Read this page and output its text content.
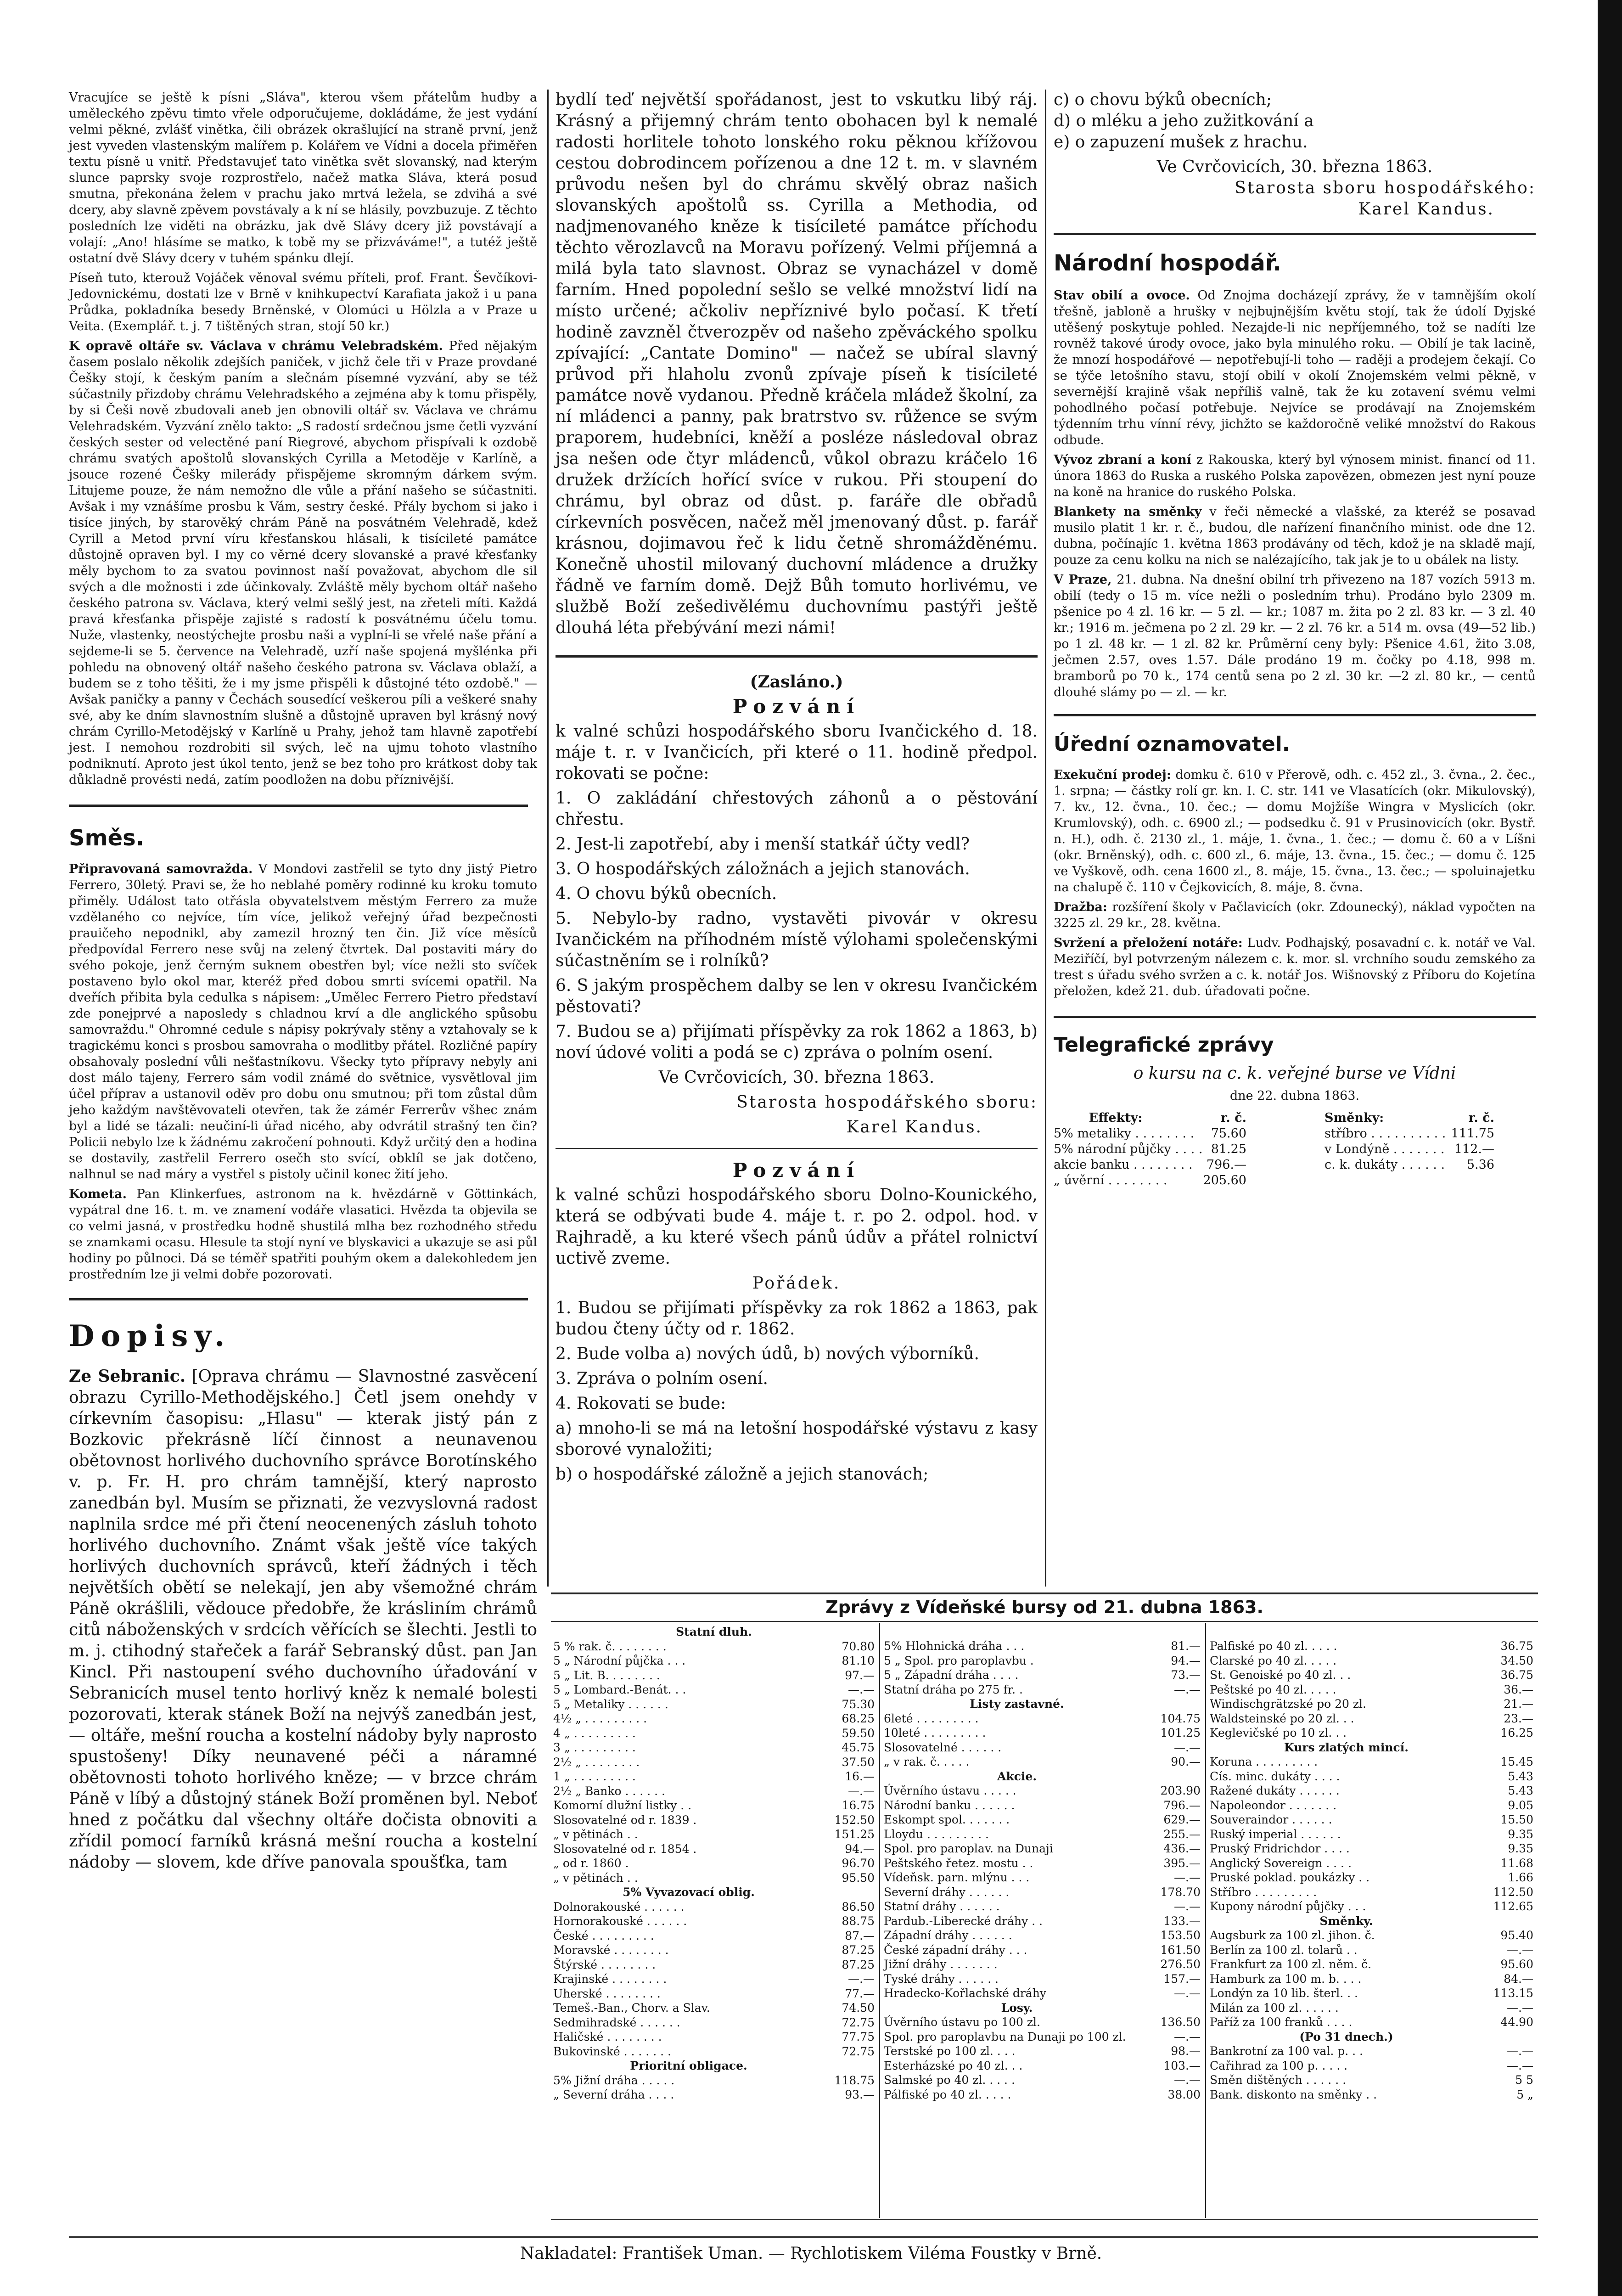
Vracujíce se ještě k písni „Sláva", kterou všem přátelům hudby a uměleckého zpěvu timto vřele odporučujeme, dokládáme, že jest vydání velmi pěkné, zvlášť vinětka, čili obrázek okrašlující na straně první, jenž jest vyveden vlastenským malířem p. Kolářem ve Vídni a docela přiměřen textu písně u vnitř. Představujeť tato vinětka svět slovanský, nad kterým slunce paprsky svoje rozprostřelo, načež matka Sláva, která posud smutna, překonána želem v prachu jako mrtvá ležela, se zdvihá a své dcery, aby slavně zpěvem povstávaly a k ní se hlásily, povzbuzuje. Z těchto posledních lze viděti na obrázku, jak dvě Slávy dcery již povstávají a volají: „Ano! hlásíme se matko, k tobě my se přizváváme!", a tutéž ještě ostatní dvě Slávy dcery v tuhém spánku dlejí.

Píseň tuto, kterouž Vojáček věnoval svému příteli, prof. Frant. Ševčíkovi-Jedovnickému, dostati lze v Brně v knihkupectví Karafiata jakož i u pana Průdka, pokladníka besedy Brněnské, v Olomúci u Hölzla a v Praze u Veita. (Exemplář. t. j. 7 tištěných stran, stojí 50 kr.)

K opravě oltáře sv. Václava v chrámu Velebradském. Před nějakým časem poslalo několik zdejších paniček, v jichž čele tři v Praze provdané Češky stojí, k českým paním a slečnám písemné vyzvání, aby se též súčastnily přizdoby chrámu Velehradského a zejména aby k tomu přispěly, by si Češi nově zbudovali aneb jen obnovili oltář sv. Václava ve chrámu Velehradském. Vyzvání znělo takto: „S radostí srdečnou jsme četli vyzvání českých sester od velectěné paní Riegrové, abychom přispívali k ozdobě chrámu svatých apoštolů slovanských Cyrilla a Metoděje v Karlíně, a jsouce rozené Češky milerády přispějeme skromným dárkem svým. Litujeme pouze, že nám nemožno dle vůle a přání našeho se súčastniti. Avšak i my vznášíme prosbu k Vám, sestry české. Přály bychom si jako i tisíce jiných, by starověký chrám Páně na posvátném Velehradě, kdež Cyrill a Metod první víru křesťanskou hlásali, k tisícileté památce důstojně opraven byl. I my co věrné dcery slovanské a pravé křesťanky měly bychom to za svatou povinnost naší považovat, abychom dle sil svých a dle možnosti i zde účinkovaly. Zvláště měly bychom oltář našeho českého patrona sv. Václava, který velmi sešlý jest, na zřeteli míti. Každá pravá křesťanka přispěje zajisté s radostí k posvátnému účelu tomu. Nuže, vlastenky, neostýchejte prosbu naši a vyplní-li se vřelé naše přání a sejdeme-li se 5. července na Velehradě, uzří naše spojená myšlénka při pohledu na obnovený oltář našeho českého patrona sv. Václava oblaží, a budem se z toho těšiti, že i my jsme přispěli k důstojné této ozdobě." — Avšak paničky a panny v Čechách sousedící veškerou píli a veškeré snahy své, aby ke dním slavnostním slušně a důstojně upraven byl krásný nový chrám Cyrillo-Metodějský v Karlíně u Prahy, jehož tam hlavně zapotřebí jest. I nemohou rozdrobiti sil svých, leč na ujmu tohoto vlastního podniknutí. Aproto jest úkol tento, jenž se bez toho pro krátkost doby tak důkladně provésti nedá, zatím poodložen na dobu příznivější.

Směs.

Připravovaná samovražda. V Mondovi zastřelil se tyto dny jistý Pietro Ferrero, 30letý. Pravi se, že ho neblahé poměry rodinné ku kroku tomuto přiměly. Událost tato otřásla obyvatelstvem městým Ferrero za muže vzdělaného co nejvíce, tím více, jelikož veřejný úřad bezpečnosti prauičeho nepodnikl, aby zamezil hrozný ten čin. Již více měsíců předpovídal Ferrero nese svůj na zelený čtvrtek. Dal postaviti máry do svého pokoje, jenž černým suknem obestřen byl; více nežli sto svíček postaveno bylo okol mar, kteréž před dobou smrti svícemi opatřil. Na dveřích přibita byla cedulka s nápisem: „Umělec Ferrero Pietro představí zde ponejprvé a naposledy s chladnou krví a dle anglického spůsobu samovraždu." Ohromné cedule s nápisy pokrývaly stěny a vztahovaly se k tragickému konci s prosbou samovraha o modlitby přátel. Rozličné papíry obsahovaly poslední vůli nešťastníkovu. Všecky tyto přípravy nebyly ani dost málo tajeny, Ferrero sám vodil známé do světnice, vysvětloval jim účel příprav a ustanovil oděv pro dobu onu smutnou; při tom zůstal dům jeho každým navštěvovateli otevřen, tak že zámér Ferrerův všhec znám byl a lidé se tázali: neučiní-li úřad nicého, aby odvrátil strašný ten čin? Policii nebylo lze k žádnému zakročení pohnouti. Když určitý den a hodina se dostavily, zastřelil Ferrero osečh sto svící, obklíl se jak dotčeno, nalhnul se nad máry a vystřel s pistoly učinil konec žití jeho.

Kometa. Pan Klinkerfues, astronom na k. hvězdárně v Göttinkách, vypátral dne 16. t. m. ve znamení vodáře vlasatici. Hvězda ta objevila se co velmi jasná, v prostředku hodně shustilá mlha bez rozhodného středu se znamkami ocasu. Hlesule ta stojí nyní ve blyskavici a ukazuje se asi půl hodiny po půlnoci. Dá se téměř spatřiti pouhým okem a dalekohledem jen prostředním lze ji velmi dobře pozorovati.

Dopisy.

Ze Sebranic. [Oprava chrámu — Slavnostné zasvěcení obrazu Cyrillo-Methodějského.] Četl jsem onehdy v církevním časopisu: „Hlasu" — kterak jistý pán z Bozkovic překrásně líčí činnost a neunavenou obětovnost horlivého duchovního správce Borotínského v. p. Fr. H. pro chrám tamnější, který naprosto zanedbán byl. Musím se přiznati, že vezvyslovná radost naplnila srdce mé při čtení neocenených zásluh tohoto horlivého duchovního. Známt však ještě více takých horlivých duchovních správců, kteří žádných i těch největších obětí se nelekají, jen aby všemožné chrám Páně okrášlili, vědouce předobře, že krásliním chrámů citů náboženských v srdcích věřících se šlechti. Jestli to m. j. ctihodný stařeček a farář Sebranský důst. pan Jan Kincl. Při nastoupení svého duchovního úřadování v Sebranicích musel tento horlivý kněz k nemalé bolesti pozorovati, kterak stánek Boží na nejvýš zanedbán jest, — oltáře, mešní roucha a kostelní nádoby byly naprosto spustošeny! Díky neunavené péči a náramné obětovnosti tohoto horlivého kněze; — v brzce chrám Páně v líbý a důstojný stánek Boží proměnen byl. Neboť hned z počátku dal všechny oltáře dočista obnoviti a zřídil pomocí farníků krásná mešní roucha a kostelní nádoby — slovem, kde dříve panovala spoušťka, tam

bydlí teď největší spořádanost, jest to vskutku libý ráj. Krásný a přijemný chrám tento obohacen byl k nemalé radosti horlitele tohoto lonského roku pěknou křížovou cestou dobrodincem pořízenou a dne 12 t. m. v slavném průvodu nešen byl do chrámu skvělý obraz našich slovanských apoštolů ss. Cyrilla a Methodia, od nadjmenovaného kněze k tisícileté památce příchodu těchto věrozlavců na Moravu pořízený. Velmi příjemná a milá byla tato slavnost. Obraz se vynacházel v domě farním. Hned popolední sešlo se velké množství lidí na místo určené; ačkoliv nepříznivé bylo počasí. K třetí hodině zavzněl čtverozpěv od našeho zpěváckého spolku zpívající: „Cantate Domino" — načež se ubíral slavný průvod při hlaholu zvonů zpívaje píseň k tisícileté památce nově vydanou. Předně kráčela mládež školní, za ní mládenci a panny, pak bratrstvo sv. růžence se svým praporem, hudebníci, kněží a posléze následoval obraz jsa nešen ode čtyr mládenců, vůkol obrazu kráčelo 16 družek držících hořící svíce v rukou. Při stoupení do chrámu, byl obraz od důst. p. faráře dle obřadů církevních posvěcen, načež měl jmenovaný důst. p. farář krásnou, dojimavou řeč k lidu četně shromážděnému. Konečně uhostil milovaný duchovní mládence a družky řádně ve farním domě. Dejž Bůh tomuto horlivému, ve službě Boží zešedivělému duchovnímu pastýři ještě dlouhá léta přebývání mezi námi!

(Zasláno.)

Pozvání

k valné schůzi hospodářského sboru Ivančického d. 18. máje t. r. v Ivančicích, při které o 11. hodině předpol. rokovati se počne:

1. O zakládání chřestových záhonů a o pěstování chřestu.

2. Jest-li zapotřebí, aby i menší statkář účty vedl?

3. O hospodářských záložnách a jejich stanovách.

4. O chovu býků obecních.

5. Nebylo-by radno, vystavěti pivovár v okresu Ivančickém na příhodném místě výlohami společenskými súčastněním se i rolníků?

6. S jakým prospěchem dalby se len v okresu Ivančickém pěstovati?

7. Budou se a) přijímati příspěvky za rok 1862 a 1863, b) noví údové voliti a podá se c) zpráva o polním osení.

Ve Cvrčovicích, 30. března 1863.

Starosta hospodářského sboru:

Karel Kandus.

Pozvání

k valné schůzi hospodářského sboru Dolno-Kounického, která se odbývati bude 4. máje t. r. po 2. odpol. hod. v Rajhradě, a ku které všech pánů údův a přátel rolnictví uctivě zveme.

Pořádek.

1. Budou se přijímati příspěvky za rok 1862 a 1863, pak budou čteny účty od r. 1862.

2. Bude volba a) nových údů, b) nových výborníků.

3. Zpráva o polním osení.

4. Rokovati se bude:

a) mnoho-li se má na letošní hospodářské výstavu z kasy sborové vynaložiti;

b) o hospodářské záložně a jejich stanovách;

c) o chovu býků obecních;

d) o mléku a jeho zužitkování a

e) o zapuzení mušek z hrachu.

Ve Cvrčovicích, 30. března 1863.

Starosta sboru hospodářského:

Karel Kandus.

Národní hospodář.

Stav obilí a ovoce. Od Znojma docházejí zprávy, že v tamnějším okolí třešně, jabloně a hrušky v nejbujnějším květu stojí, tak že údolí Dyjské utěšený poskytuje pohled. Nezajde-li nic nepříjemného, tož se nadíti lze rovněž takové úrody ovoce, jako byla minulého roku. — Obilí je tak lacině, že mnozí hospodářové — nepotřebují-li toho — raději a prodejem čekají. Co se týče letošního stavu, stojí obilí v okolí Znojemském velmi pěkně, v severnější krajině však nepříliš valně, tak že ku zotavení svému velmi pohodlného počasí potřebuje. Nejvíce se prodávají na Znojemském týdenním trhu vínní révy, jichžto se každoročně veliké množství do Rakous odbude.

Vývoz zbraní a koní z Rakouska, který byl výnosem minist. financí od 11. února 1863 do Ruska a ruského Polska zapovězen, obmezen jest nyní pouze na koně na hranice do ruského Polska.

Blankety na směnky v řeči německé a vlašské, za kteréž se posavad musilo platit 1 kr. r. č., budou, dle nařízení finančního minist. ode dne 12. dubna, počínajíc 1. května 1863 prodávány od těch, kdož je na skladě mají, pouze za cenu kolku na nich se nalézajícího, tak jak je to u obálek na listy.

V Praze, 21. dubna. Na dnešní obilní trh přivezeno na 187 vozích 5913 m. obilí (tedy o 15 m. více nežli o posledním trhu). Prodáno bylo 2309 m. pšenice po 4 zl. 16 kr. — 5 zl. — kr.; 1087 m. žita po 2 zl. 83 kr. — 3 zl. 40 kr.; 1916 m. ječmena po 2 zl. 29 kr. — 2 zl. 76 kr. a 514 m. ovsa (49—52 lib.) po 1 zl. 48 kr. — 1 zl. 82 kr. Průměrní ceny byly: Pšenice 4.61, žito 3.08, ječmen 2.57, oves 1.57. Dále prodáno 19 m. čočky po 4.18, 998 m. bramborů po 70 k., 174 centů sena po 2 zl. 30 kr. —2 zl. 80 kr., — centů dlouhé slámy po — zl. — kr.

Úřední oznamovatel.

Exekuční prodej: domku č. 610 v Přerově, odh. c. 452 zl., 3. čvna., 2. čec., 1. srpna; — částky rolí gr. kn. I. C. str. 141 ve Vlasatících (okr. Mikulovský), 7. kv., 12. čvna., 10. čec.; — domu Mojžíše Wingra v Myslicích (okr. Krumlovský), odh. c. 6900 zl.; — podsedku č. 91 v Prusinovicích (okr. Bystř. n. H.), odh. č. 2130 zl., 1. máje, 1. čvna., 1. čec.; — domu č. 60 a v Líšni (okr. Brněnský), odh. c. 600 zl., 6. máje, 13. čvna., 15. čec.; — domu č. 125 ve Vyškově, odh. cena 1600 zl., 8. máje, 15. čvna., 13. čec.; — spoluinajetku na chalupě č. 110 v Čejkovicích, 8. máje, 8. čvna.

Dražba: rozšíření školy v Pačlavicích (okr. Zdounecký), náklad vypočten na 3225 zl. 29 kr., 28. května.

Svržení a přeložení notáře: Ludv. Podhajský, posavadní c. k. notář ve Val. Meziříčí, byl potvrzeným nálezem c. k. mor. sl. vrchního soudu zemského za trest s úřadu svého svržen a c. k. notář Jos. Wišnovský z Příboru do Kojetína přeložen, kdež 21. dub. úřadovati počne.

Telegrafické zprávy

o kursu na c. k. veřejné burse ve Vídni

dne 22. dubna 1863.

Effekty:	r. č.
5% metaliky . . . . . . . .	75.60
5% národní půjčky . . . . 81.25
akcie banku . . . . . . . .	796.—
„ úvěrní . . . . . . . .	205.60
Směnky:	r. č.
stříbro . . . . . . . . . . 111.75
v Londýně . . . . . . . 112.—
c. k. dukáty . . . . . .	5.36
Zprávy z Vídeňské bursy od 21. dubna 1863.
Statní dluh.
5 % rak. č. . . . . . . .	70.80
5 „ Národní půjčka . . .	81.10
5 „ Lit. B. . . . . . . .	97.—
5 „ Lombard.-Benát. . .	—.—
5 „ Metaliky . . . . . .	75.30
4½ „ . . . . . . . . .	68.25
4 „ . . . . . . . . .	59.50
3 „ . . . . . . . . .	45.75
2½ „ . . . . . . . .	37.50
1 „ . . . . . . . . .	16.—
2½ „ Banko . . . . . .	—.—
Komorní dlužní listky . .	16.75
Slosovatelné od r. 1839 .	152.50
„ v pětinách . .	151.25
Slosovatelné od r. 1854 .	94.—
„ od r. 1860 .	96.70
„ v pětinách . .	95.50
5% Vyvazovací oblig.
Dolnorakouské . . . . . .	86.50
Hornorakouské . . . . . .	88.75
České . . . . . . . . .	87.—
Moravské . . . . . . . .	87.25
Štýrské . . . . . . . .	87.25
Krajinské . . . . . . . .	—.—
Uherské . . . . . . . .	77.—
Temeš.-Ban., Chorv. a Slav.	74.50
Sedmihradské . . . . . .	72.75
Haličské . . . . . . . .	77.75
Bukovinské . . . . . . .	72.75
Prioritní obligace.
5% Jižní dráha . . . . .	118.75
„ Severní dráha . . . .	93.—
5% Hlohnická dráha . . .	81.—
5 „ Spol. pro paroplavbu .	94.—
5 „ Západní dráha . . . .	73.—
Statní dráha po 275 fr. .	—.—
Listy zastavné.
6leté . . . . . . . . .	104.75
10leté . . . . . . . . .	101.25
Slosovatelné . . . . . .	—.—
„ v rak. č. . . . .	90.—
Akcie.
Úvěrního ústavu . . . . .	203.90
Národní banku . . . . . .	796.—
Eskompt spol. . . . . . .	629.—
Lloydu . . . . . . . . .	255.—
Spol. pro paroplav. na Dunaji	436.—
Peštského řetez. mostu . .	395.—
Vídeňsk. parn. mlýnu . . .	—.—
Severní dráhy . . . . . .	178.70
Statní dráhy . . . . . .	—.—
Pardub.-Liberecké dráhy . .	133.—
Západní dráhy . . . . . .	153.50
České západní dráhy . . .	161.50
Jižní dráhy . . . . . . .	276.50
Tyské dráhy . . . . . .	157.—
Hradecko-Kořlachské dráhy	—.—
Losy.
Úvěrního ústavu po 100 zl.	136.50
Spol. pro paroplavbu na Dunaji po 100 zl.	—.—
Terstské po 100 zl. . . .	98.—
Esterházské po 40 zl. . .	103.—
Salmské po 40 zl. . . . .	—.—
Pálfiské po 40 zl. . . . .	38.00
Palfiské po 40 zl. . . . .	36.75
Clarské po 40 zl. . . . .	34.50
St. Genoiské po 40 zl. . .	36.75
Peštské po 40 zl. . . . .	36.—
Windischgrätzské po 20 zl.	21.—
Waldsteinské po 20 zl. . .	23.—
Keglevičské po 10 zl. . .	16.25
Kurs zlatých mincí.
Koruna . . . . . . . . .	15.45
Cís. minc. dukáty . . . .	5.43
Ražené dukáty . . . . . .	5.43
Napoleondor . . . . . . .	9.05
Souveraindor . . . . . .	15.50
Ruský imperial . . . . . .	9.35
Pruský Fridrichdor . . . .	9.35
Anglický Sovereign . . . .	11.68
Pruské poklad. poukázky . .	1.66
Stříbro . . . . . . . . .	112.50
Kupony národní půjčky . . .	112.65
Směnky.
Augsburk za 100 zl. jihon. č.	95.40
Berlín za 100 zl. tolarů . .	—.—
Frankfurt za 100 zl. něm. č.	95.60
Hamburk za 100 m. b. . . .	84.—
Londýn za 10 lib. šterl. . .	113.15
Milán za 100 zl. . . . . .	—.—
Paříž za 100 franků . . . .	44.90
(Po 31 dnech.)
Bankrotní za 100 val. p. . .	—.—
Cařihrad za 100 p. . . . .	—.—
Směn dištěných . . . . . .	5 5
Bank. diskonto na směnky . .	5 „
Nakladatel: František Uman. — Rychlotiskem Viléma Foustky v Brně.
